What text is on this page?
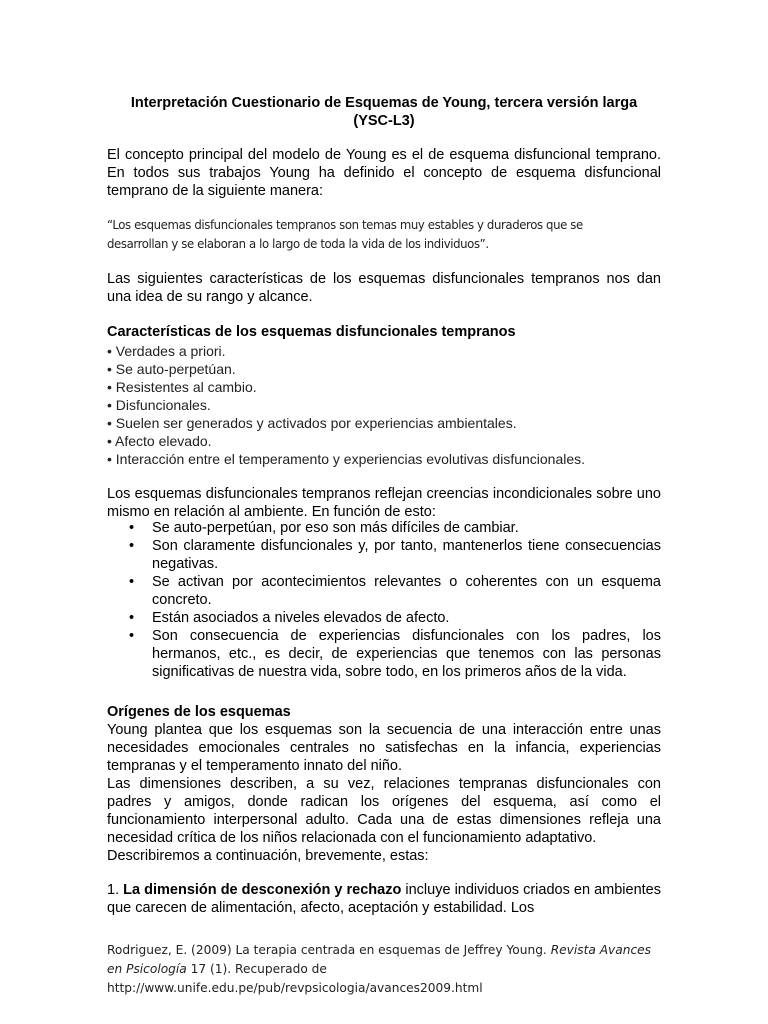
Interpretación Cuestionario de Esquemas de Young, tercera versión larga
(YSC-L3)
El concepto principal del modelo de Young es el de esquema disfuncional temprano. En todos sus trabajos Young ha definido el concepto de esquema disfuncional temprano de la siguiente manera:
“Los esquemas disfuncionales tempranos son temas muy estables y duraderos que se desarrollan y se elaboran a lo largo de toda la vida de los individuos”.
Las siguientes características de los esquemas disfuncionales tempranos nos dan una idea de su rango y alcance.
Características de los esquemas disfuncionales tempranos
• Verdades a priori.
• Se auto-perpetúan.
• Resistentes al cambio.
• Disfuncionales.
• Suelen ser generados y activados por experiencias ambientales.
• Afecto elevado.
• Interacción entre el temperamento y experiencias evolutivas disfuncionales.
Los esquemas disfuncionales tempranos reflejan creencias incondicionales sobre uno mismo en relación al ambiente. En función de esto:
• Se auto-perpetúan, por eso son más difíciles de cambiar.
• Son claramente disfuncionales y, por tanto, mantenerlos tiene consecuencias negativas.
• Se activan por acontecimientos relevantes o coherentes con un esquema concreto.
• Están asociados a niveles elevados de afecto.
• Son consecuencia de experiencias disfuncionales con los padres, los hermanos, etc., es decir, de experiencias que tenemos con las personas significativas de nuestra vida, sobre todo, en los primeros años de la vida.
Orígenes de los esquemas
Young plantea que los esquemas son la secuencia de una interacción entre unas necesidades emocionales centrales no satisfechas en la infancia, experiencias tempranas y el temperamento innato del niño.
Las dimensiones describen, a su vez, relaciones tempranas disfuncionales con padres y amigos, donde radican los orígenes del esquema, así como el funcionamiento interpersonal adulto. Cada una de estas dimensiones refleja una necesidad crítica de los niños relacionada con el funcionamiento adaptativo.
Describiremos a continuación, brevemente, estas:
1. La dimensión de desconexión y rechazo incluye individuos criados en ambientes que carecen de alimentación, afecto, aceptación y estabilidad. Los
Rodriguez, E. (2009) La terapia centrada en esquemas de Jeffrey Young. Revista Avances en Psicología 17 (1). Recuperado de http://www.unife.edu.pe/pub/revpsicologia/avances2009.html
